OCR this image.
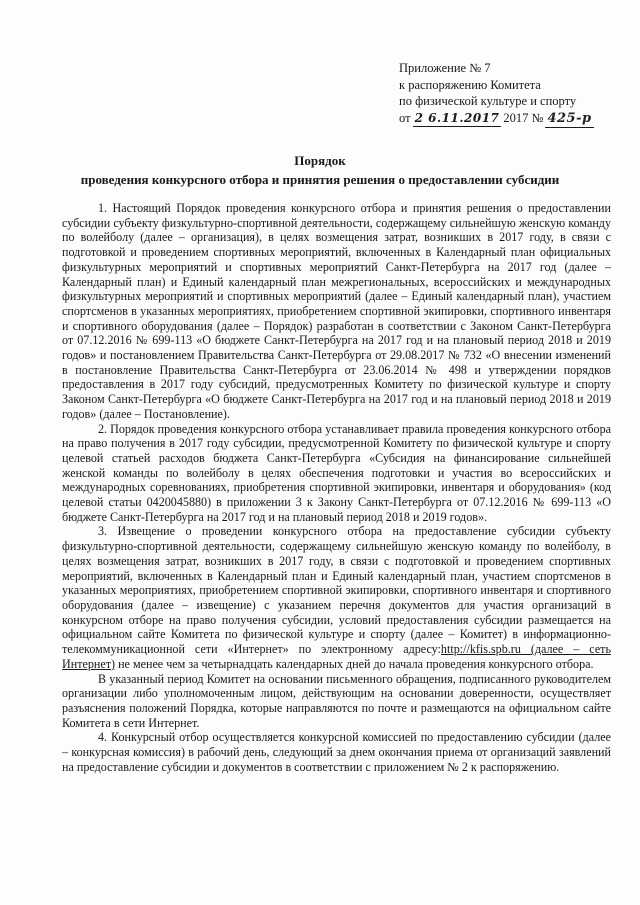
Приложение № 7
к распоряжению Комитета
по физической культуре и спорту
от 2 6.11.2017 2017 № 425-р
Порядок
проведения конкурсного отбора и принятия решения о предоставлении субсидии

1. Настоящий Порядок проведения конкурсного отбора и принятия решения о предоставлении субсидии субъекту физкультурно-спортивной деятельности, содержащему сильнейшую женскую команду по волейболу (далее – организация), в целях возмещения затрат, возникших в 2017 году, в связи с подготовкой и проведением спортивных мероприятий, включенных в Календарный план официальных физкультурных мероприятий и спортивных мероприятий Санкт-Петербурга на 2017 год (далее – Календарный план) и Единый календарный план межрегиональных, всероссийских и международных физкультурных мероприятий и спортивных мероприятий (далее – Единый календарный план), участием спортсменов в указанных мероприятиях, приобретением спортивной экипировки, спортивного инвентаря и спортивного оборудования (далее – Порядок) разработан в соответствии с Законом Санкт-Петербурга от 07.12.2016 № 699-113 «О бюджете Санкт-Петербурга на 2017 год и на плановый период 2018 и 2019 годов» и постановлением Правительства Санкт-Петербурга от 29.08.2017 № 732 «О внесении изменений в постановление Правительства Санкт-Петербурга от 23.06.2014 № 498 и утверждении порядков предоставления в 2017 году субсидий, предусмотренных Комитету по физической культуре и спорту Законом Санкт-Петербурга «О бюджете Санкт-Петербурга на 2017 год и на плановый период 2018 и 2019 годов» (далее – Постановление).

2. Порядок проведения конкурсного отбора устанавливает правила проведения конкурсного отбора на право получения в 2017 году субсидии, предусмотренной Комитету по физической культуре и спорту целевой статьей расходов бюджета Санкт-Петербурга «Субсидия на финансирование сильнейшей женской команды по волейболу в целях обеспечения подготовки и участия во всероссийских и международных соревнованиях, приобретения спортивной экипировки, инвентаря и оборудования» (код целевой статьи 0420045880) в приложении 3 к Закону Санкт-Петербурга от 07.12.2016 № 699-113 «О бюджете Санкт-Петербурга на 2017 год и на плановый период 2018 и 2019 годов».

3. Извещение о проведении конкурсного отбора на предоставление субсидии субъекту физкультурно-спортивной деятельности, содержащему сильнейшую женскую команду по волейболу, в целях возмещения затрат, возникших в 2017 году, в связи с подготовкой и проведением спортивных мероприятий, включенных в Календарный план и Единый календарный план, участием спортсменов в указанных мероприятиях, приобретением спортивной экипировки, спортивного инвентаря и спортивного оборудования (далее – извещение) с указанием перечня документов для участия организаций в конкурсном отборе на право получения субсидии, условий предоставления субсидии размещается на официальном сайте Комитета по физической культуре и спорту (далее – Комитет) в информационно-телекоммуникационной сети «Интернет» по электронному адресу:http://kfis.spb.ru (далее – сеть Интернет) не менее чем за четырнадцать календарных дней до начала проведения конкурсного отбора.

В указанный период Комитет на основании письменного обращения, подписанного руководителем организации либо уполномоченным лицом, действующим на основании доверенности, осуществляет разъяснения положений Порядка, которые направляются по почте и размещаются на официальном сайте Комитета в сети Интернет.

4. Конкурсный отбор осуществляется конкурсной комиссией по предоставлению субсидии (далее – конкурсная комиссия) в рабочий день, следующий за днем окончания приема от организаций заявлений на предоставление субсидии и документов в соответствии с приложением № 2 к распоряжению.
